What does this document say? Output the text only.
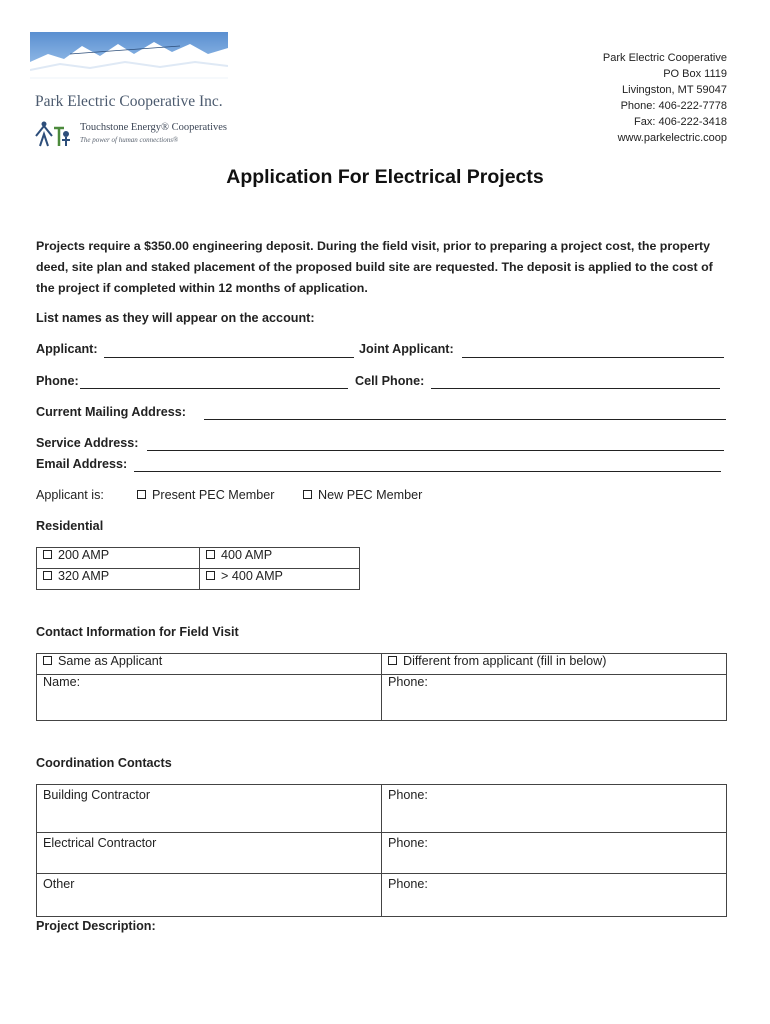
Park Electric Cooperative Inc.
Touchstone Energy® Cooperatives
The power of human connections®
Park Electric Cooperative
PO Box 1119
Livingston, MT 59047
Phone: 406-222-7778
Fax: 406-222-3418
www.parkelectric.coop
Application For Electrical Projects
Projects require a $350.00 engineering deposit. During the field visit, prior to preparing a project cost, the property deed, site plan and staked placement of the proposed build site are requested. The deposit is applied to the cost of the project if completed within 12 months of application.
List names as they will appear on the account:
Applicant:	Joint Applicant:
Phone:	Cell Phone:
Current Mailing Address:
Service Address:
Email Address:
Applicant is:	Present PEC Member	New PEC Member
Residential
200 AMP	400 AMP
320 AMP	> 400 AMP
Contact Information for Field Visit
Same as Applicant	Different from applicant (fill in below)
Name:	Phone:
Coordination Contacts
Building Contractor	Phone:
Electrical Contractor	Phone:
Other	Phone:
Project Description:
